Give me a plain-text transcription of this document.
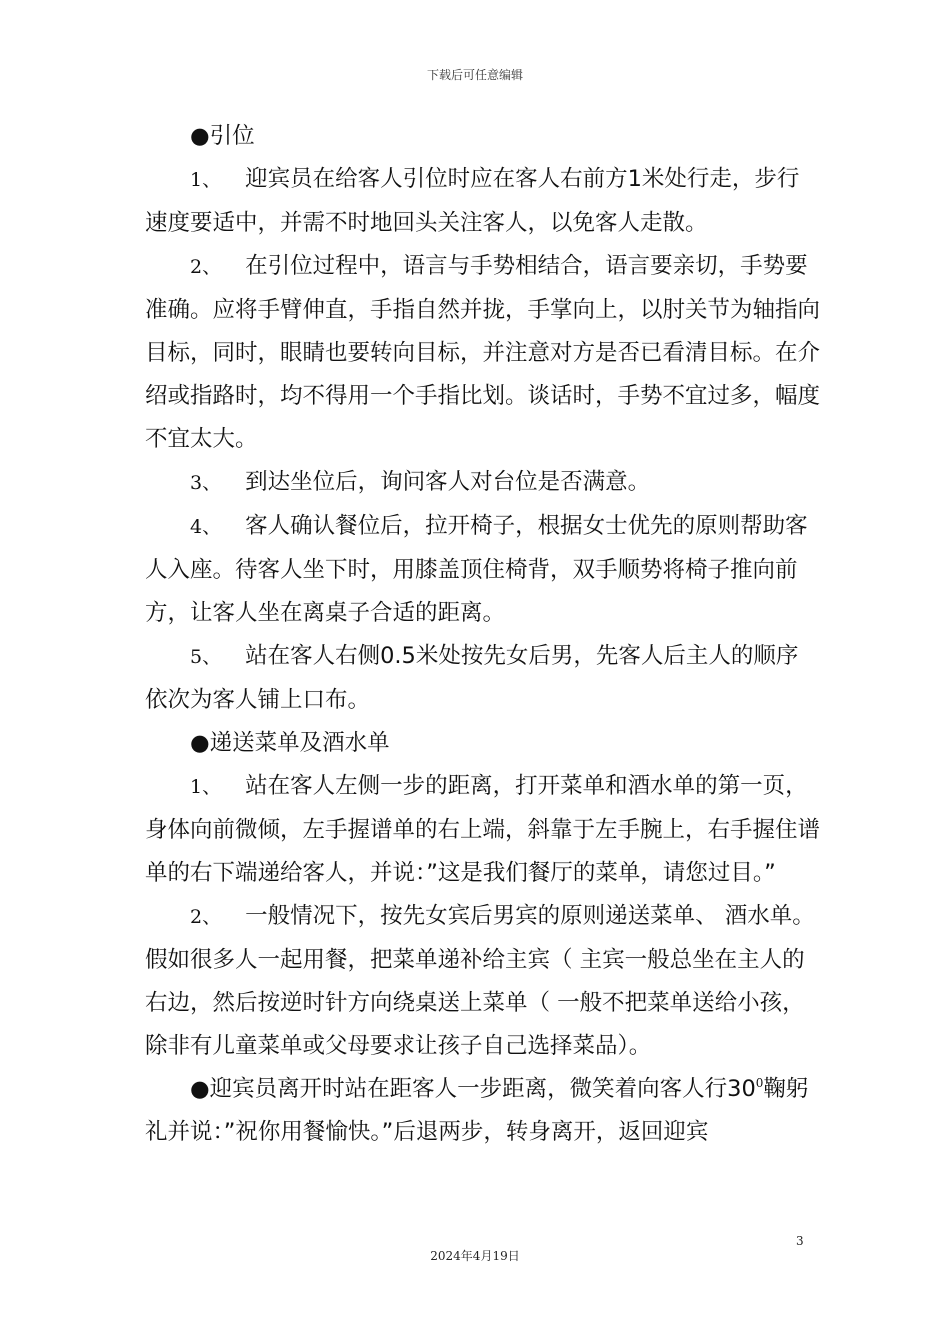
下载后可任意编辑

●引位

1、 迎宾员在给客人引位时应在客人右前方1米处行走，步行速度要适中，并需不时地回头关注客人，以免客人走散。

2、 在引位过程中，语言与手势相结合，语言要亲切，手势要准确。应将手臂伸直，手指自然并拢，手掌向上，以肘关节为轴指向目标，同时，眼睛也要转向目标，并注意对方是否已看清目标。在介绍或指路时，均不得用一个手指比划。谈话时，手势不宜过多，幅度不宜太大。

3、 到达坐位后，询问客人对台位是否满意。

4、 客人确认餐位后，拉开椅子，根据女士优先的原则帮助客人入座。待客人坐下时，用膝盖顶住椅背，双手顺势将椅子推向前方，让客人坐在离桌子合适的距离。

5、 站在客人右侧0.5米处按先女后男，先客人后主人的顺序依次为客人铺上口布。

●递送菜单及酒水单

1、 站在客人左侧一步的距离，打开菜单和酒水单的第一页，身体向前微倾，左手握谱单的右上端，斜靠于左手腕上，右手握住谱单的右下端递给客人，并说：”这是我们餐厅的菜单，请您过目。”

2、 一般情况下，按先女宾后男宾的原则递送菜单、 酒水单。假如很多人一起用餐，把菜单递补给主宾（ 主宾一般总坐在主人的右边，然后按逆时针方向绕桌送上菜单（ 一般不把菜单送给小孩，除非有儿童菜单或父母要求让孩子自己选择菜品）。

●迎宾员离开时站在距客人一步距离，微笑着向客人行$30^0$鞠躬礼并说：”祝你用餐愉快。”后退两步，转身离开，返回迎宾

3
2024年4月19日
